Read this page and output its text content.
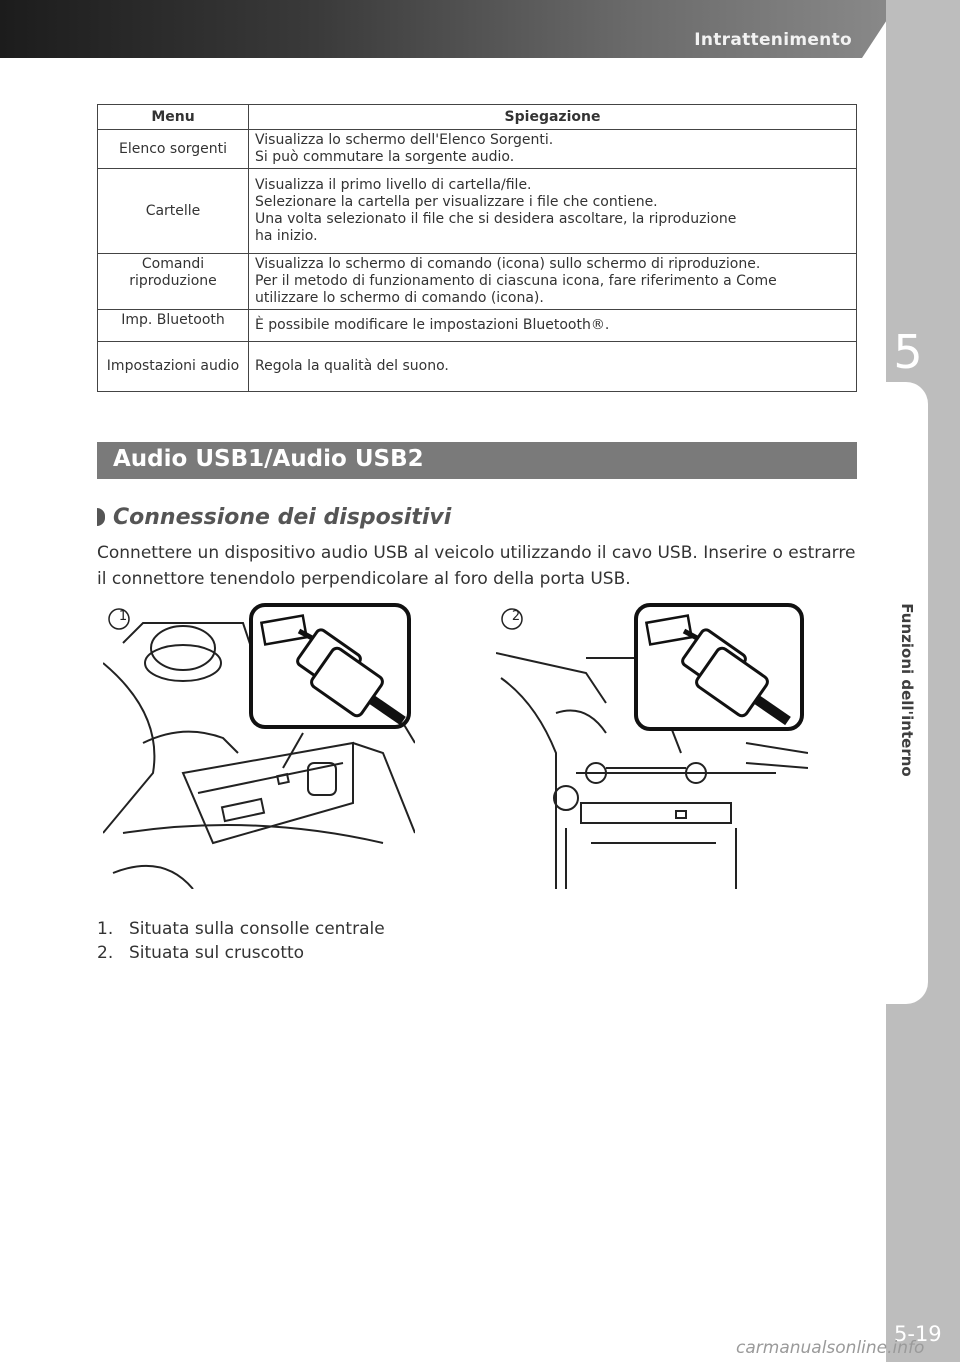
Intrattenimento
5
Funzioni dell'interno
Menu	Spiegazione
Elenco sorgenti	Visualizza lo schermo dell'Elenco Sorgenti.
Si può commutare la sorgente audio.

Cartelle	Visualizza il primo livello di cartella/file.
Selezionare la cartella per visualizzare i file che contiene.
Una volta selezionato il file che si desidera ascoltare, la riproduzione
ha inizio.

Comandi riproduzione	Visualizza lo schermo di comando (icona) sullo schermo di riproduzione.
Per il metodo di funzionamento di ciascuna icona, fare riferimento a Come
utilizzare lo schermo di comando (icona).

Imp. Bluetooth	È possibile modificare le impostazioni Bluetooth®.

Impostazioni audio	Regola la qualità del suono.
Audio USB1/Audio USB2
Connessione dei dispositivi
Connettere un dispositivo audio USB al veicolo utilizzando il cavo USB. Inserire o estrarre il connettore tenendolo perpendicolare al foro della porta USB.
1	2
1. Situata sulla consolle centrale
2. Situata sul cruscotto
5-19
carmanualsonline.info
